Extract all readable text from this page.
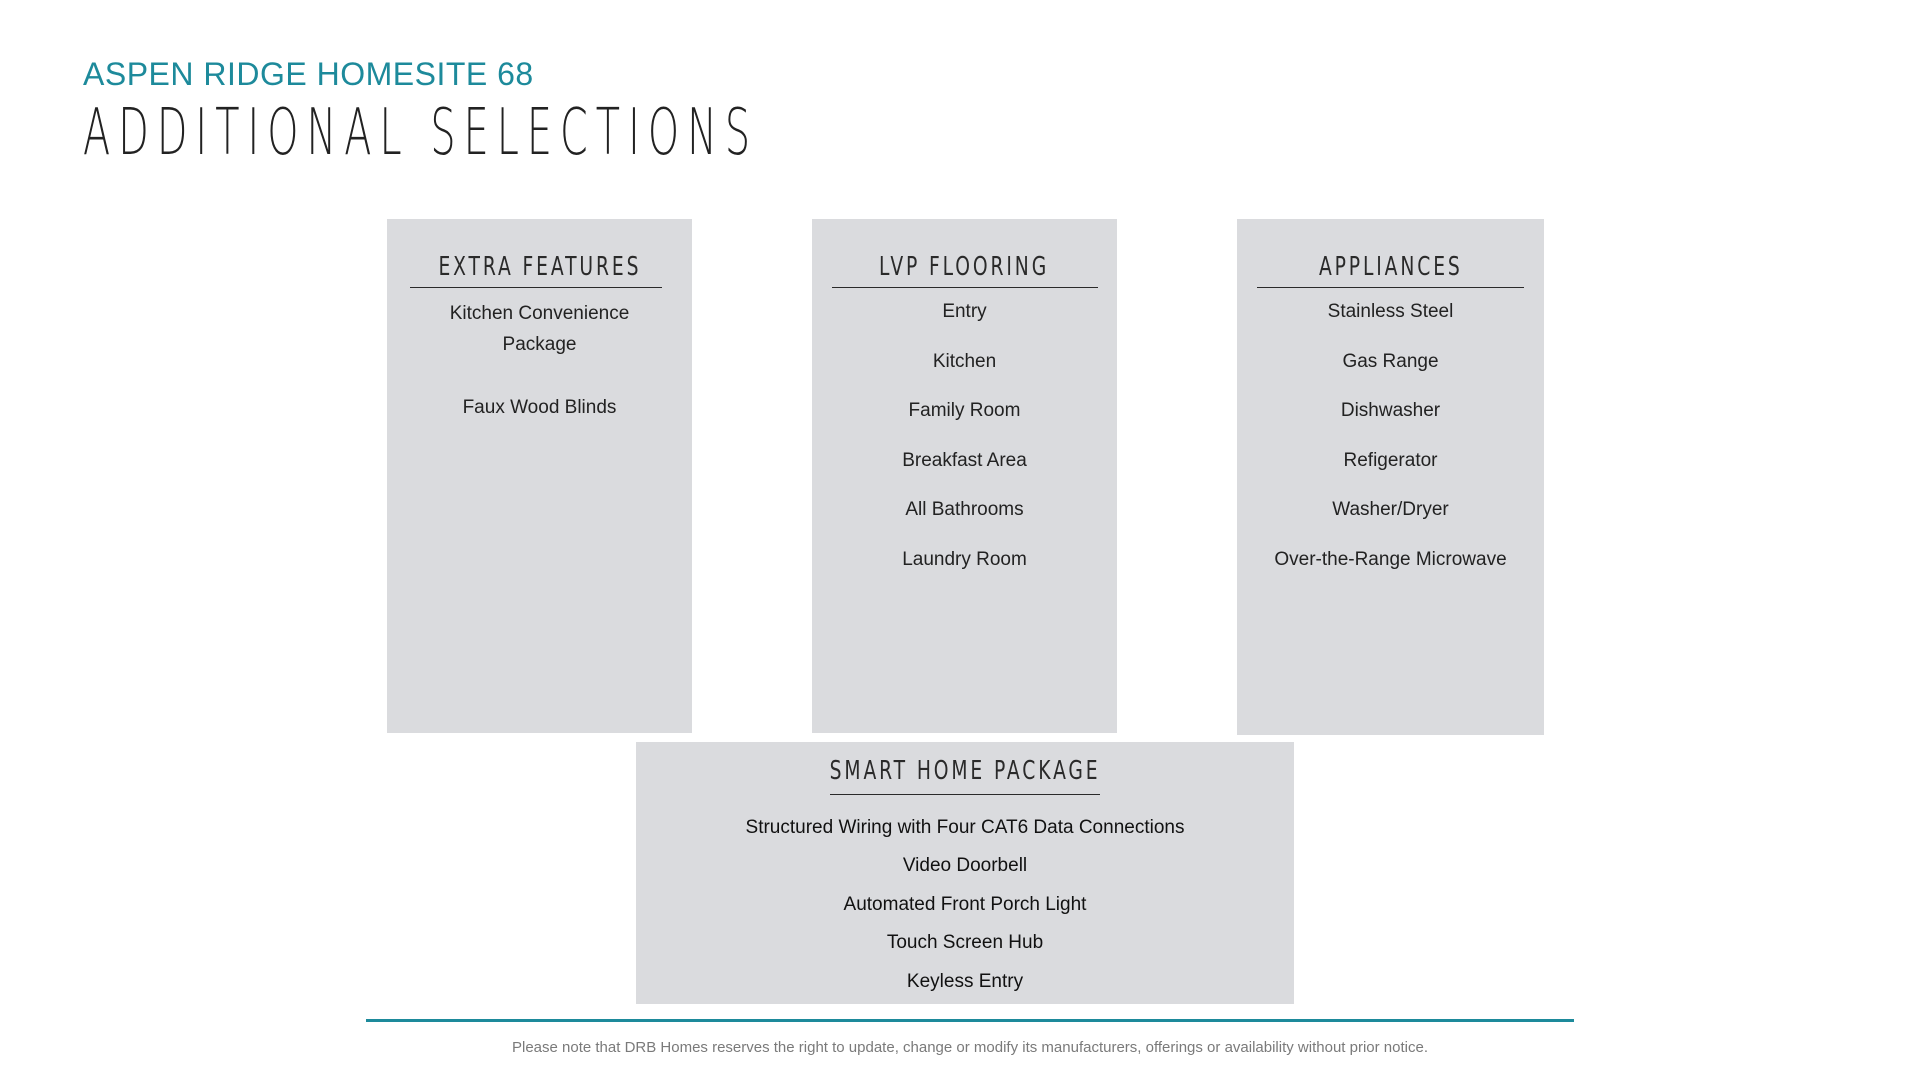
ASPEN RIDGE HOMESITE 68
ADDITIONAL SELECTIONS
EXTRA FEATURES
Kitchen Convenience Package
Faux Wood Blinds
LVP FLOORING
Entry
Kitchen
Family Room
Breakfast Area
All Bathrooms
Laundry Room
APPLIANCES
Stainless Steel
Gas Range
Dishwasher
Refigerator
Washer/Dryer
Over-the-Range Microwave
SMART HOME PACKAGE
Structured Wiring with Four CAT6 Data Connections
Video Doorbell
Automated Front Porch Light
Touch Screen Hub
Keyless Entry
Please note that DRB Homes reserves the right to update, change or modify its manufacturers, offerings or availability without prior notice.
